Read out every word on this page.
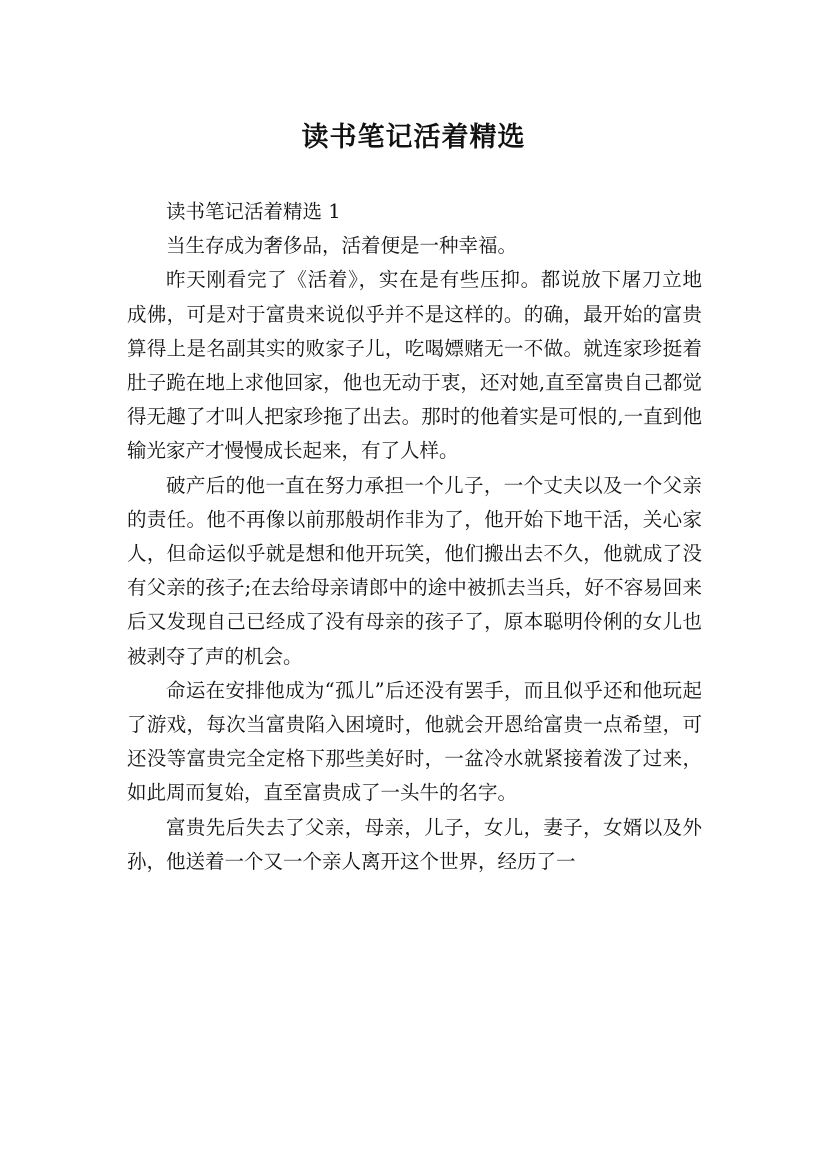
读书笔记活着精选

读书笔记活着精选 1

当生存成为奢侈品，活着便是一种幸福。

昨天刚看完了《活着》，实在是有些压抑。都说放下屠刀立地成佛，可是对于富贵来说似乎并不是这样的。的确，最开始的富贵算得上是名副其实的败家子儿，吃喝嫖赌无一不做。就连家珍挺着肚子跪在地上求他回家，他也无动于衷，还对她,直至富贵自己都觉得无趣了才叫人把家珍拖了出去。那时的他着实是可恨的,一直到他输光家产才慢慢成长起来，有了人样。

破产后的他一直在努力承担一个儿子，一个丈夫以及一个父亲的责任。他不再像以前那般胡作非为了，他开始下地干活，关心家人，但命运似乎就是想和他开玩笑，他们搬出去不久，他就成了没有父亲的孩子;在去给母亲请郎中的途中被抓去当兵，好不容易回来后又发现自己已经成了没有母亲的孩子了，原本聪明伶俐的女儿也被剥夺了声的机会。

命运在安排他成为“孤儿”后还没有罢手，而且似乎还和他玩起了游戏，每次当富贵陷入困境时，他就会开恩给富贵一点希望，可还没等富贵完全定格下那些美好时，一盆冷水就紧接着泼了过来，如此周而复始，直至富贵成了一头牛的名字。

富贵先后失去了父亲，母亲，儿子，女儿，妻子，女婿以及外孙，他送着一个又一个亲人离开这个世界，经历了一
